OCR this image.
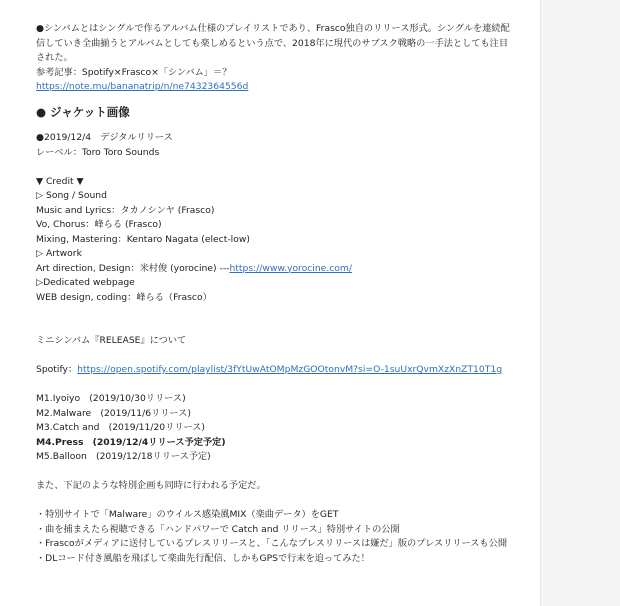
●シンバムとはシングルで作るアルバム仕様のプレイリストであり、Frasco独自のリリース形式。シングルを連続配信していき全曲揃うとアルバムとしても楽しめるという点で、2018年に現代のサブスク戦略の一手法としても注目された。

参考記事：Spotify×Frasco×「シンバム」＝？

https://note.mu/bananatrip/n/ne7432364556d

● ジャケット画像

●2019/12/4　デジタルリリース

レーベル：Toro Toro Sounds

▼ Credit ▼

▷ Song / Sound

Music and Lyrics：タカノシンヤ (Frasco)

Vo, Chorus：峰らる (Frasco)

Mixing, Mastering：Kentaro Nagata (elect-low)

▷ Artwork

Art direction, Design：米村俊 (yorocine) ---https://www.yorocine.com/

▷Dedicated webpage

WEB design, coding：峰らる（Frasco）

ミニシンバム『RELEASE』について

Spotify：https://open.spotify.com/playlist/3fYtUwAtOMpMzGOOtonvM?si=O-1suUxrQvmXzXnZT10T1g

M1.Iyoiyo　(2019/10/30リリース)

M2.Malware　(2019/11/6リリース)

M3.Catch and　(2019/11/20リリース)

M4.Press　(2019/12/4リリース予定予定)

M5.Balloon　(2019/12/18リリース予定)

また、下記のような特別企画も同時に行われる予定だ。

・特別サイトで「Malware」のウイルス感染風MIX（楽曲データ）をGET

・曲を捕まえたら視聴できる「ハンドパワーで Catch and リリース」特別サイトの公開

・Frascoがメディアに送付しているプレスリリースと、「こんなプレスリリースは嫌だ」版のプレスリリースも公開

・DLコード付き風船を飛ばして楽曲先行配信、しかもGPSで行末を追ってみた！
